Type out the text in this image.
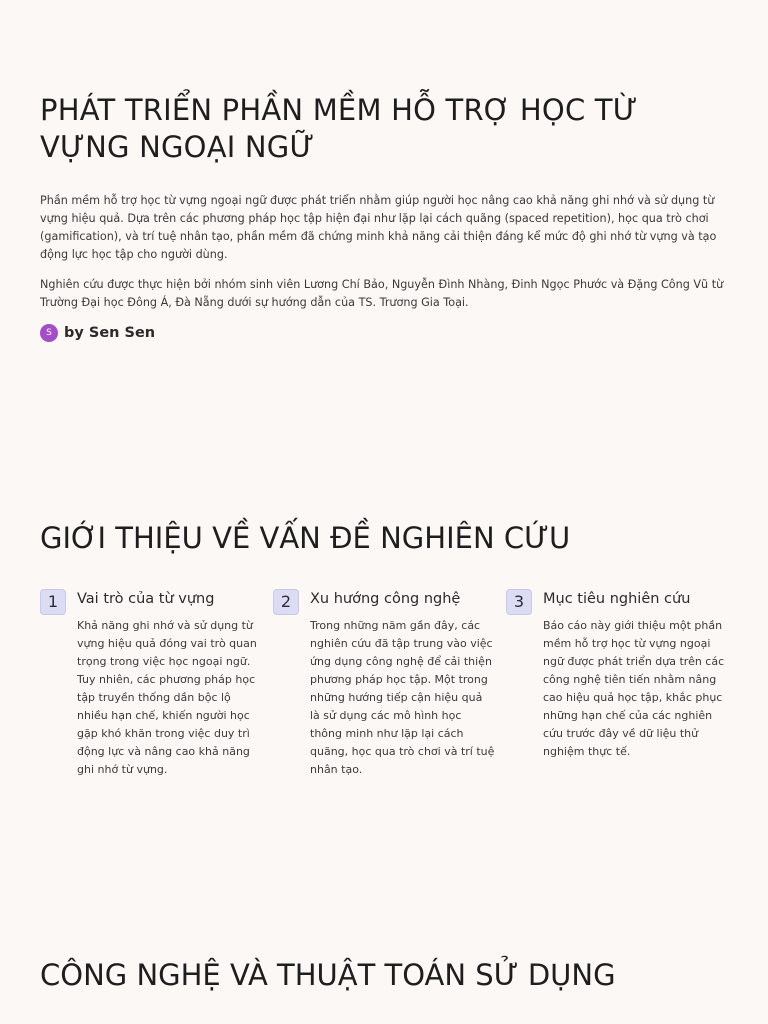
PHÁT TRIỂN PHẦN MỀM HỖ TRỢ HỌC TỪ VỰNG NGOẠI NGỮ

Phần mềm hỗ trợ học từ vựng ngoại ngữ được phát triển nhằm giúp người học nâng cao khả năng ghi nhớ và sử dụng từ vựng hiệu quả. Dựa trên các phương pháp học tập hiện đại như lặp lại cách quãng (spaced repetition), học qua trò chơi (gamification), và trí tuệ nhân tạo, phần mềm đã chứng minh khả năng cải thiện đáng kể mức độ ghi nhớ từ vựng và tạo động lực học tập cho người dùng.

Nghiên cứu được thực hiện bởi nhóm sinh viên Lương Chí Bảo, Nguyễn Đình Nhàng, Đinh Ngọc Phước và Đặng Công Vũ từ Trường Đại học Đông Á, Đà Nẵng dưới sự hướng dẫn của TS. Trương Gia Toại.

S by Sen Sen
GIỚI THIỆU VỀ VẤN ĐỀ NGHIÊN CỨU
1	Vai trò của từ vựng

Khả năng ghi nhớ và sử dụng từ vựng hiệu quả đóng vai trò quan trọng trong việc học ngoại ngữ. Tuy nhiên, các phương pháp học tập truyền thống dần bộc lộ nhiều hạn chế, khiến người học gặp khó khăn trong việc duy trì động lực và nâng cao khả năng ghi nhớ từ vựng.

2	Xu hướng công nghệ

Trong những năm gần đây, các nghiên cứu đã tập trung vào việc ứng dụng công nghệ để cải thiện phương pháp học tập. Một trong những hướng tiếp cận hiệu quả là sử dụng các mô hình học thông minh như lặp lại cách quãng, học qua trò chơi và trí tuệ nhân tạo.

3	Mục tiêu nghiên cứu

Báo cáo này giới thiệu một phần mềm hỗ trợ học từ vựng ngoại ngữ được phát triển dựa trên các công nghệ tiên tiến nhằm nâng cao hiệu quả học tập, khắc phục những hạn chế của các nghiên cứu trước đây về dữ liệu thử nghiệm thực tế.

CÔNG NGHỆ VÀ THUẬT TOÁN SỬ DỤNG
